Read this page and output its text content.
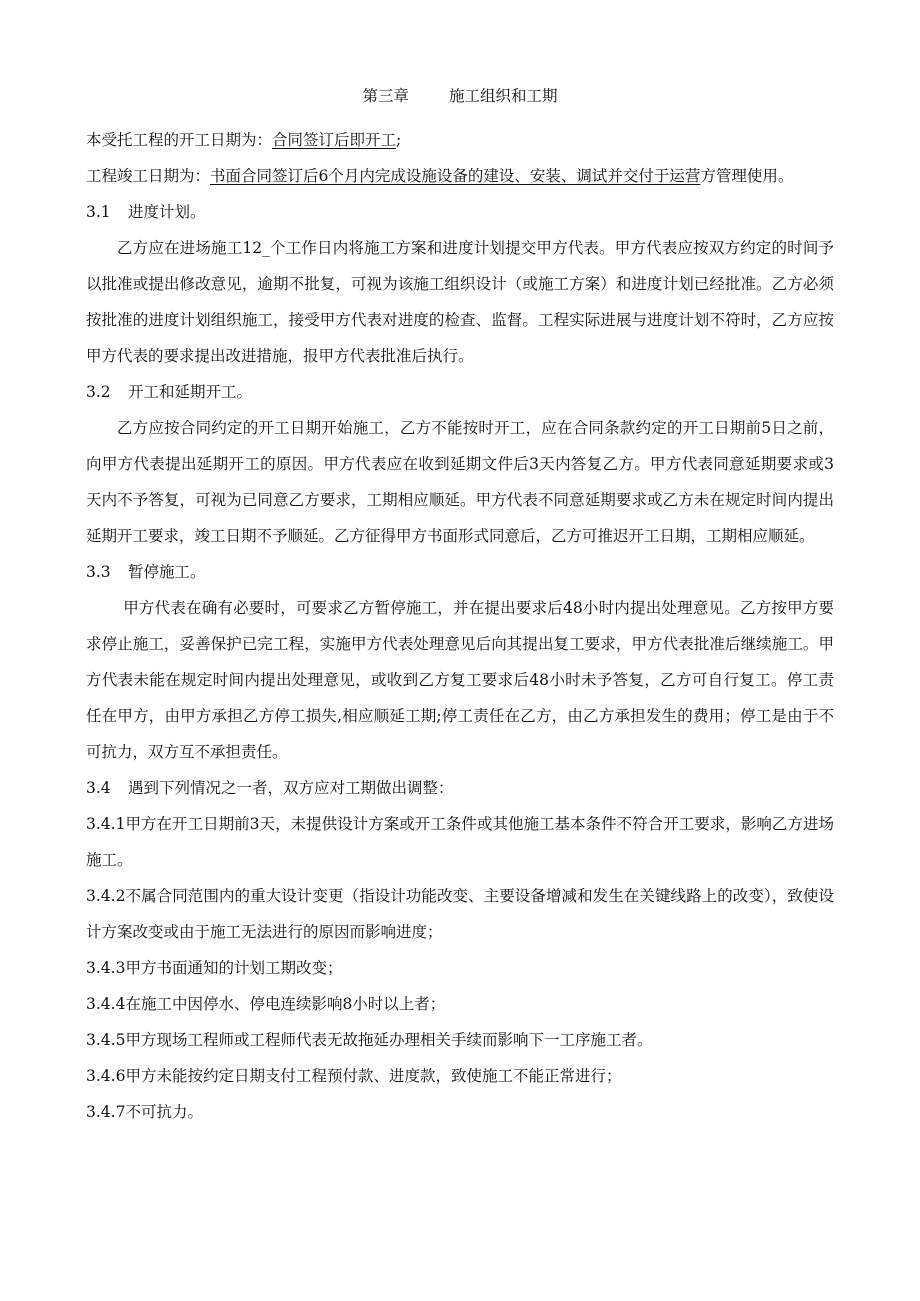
第三章	施工组织和工期

本受托工程的开工日期为：合同签订后即开工;

工程竣工日期为：书面合同签订后6个月内完成设施设备的建设、安装、调试并交付于运营方管理使用。

3.1 进度计划。

乙方应在进场施工12_个工作日内将施工方案和进度计划提交甲方代表。甲方代表应按双方约定的时间予以批准或提出修改意见，逾期不批复，可视为该施工组织设计（或施工方案）和进度计划已经批准。乙方必须按批准的进度计划组织施工，接受甲方代表对进度的检查、监督。工程实际进展与进度计划不符时，乙方应按甲方代表的要求提出改进措施，报甲方代表批准后执行。

3.2 开工和延期开工。

乙方应按合同约定的开工日期开始施工，乙方不能按时开工，应在合同条款约定的开工日期前5日之前，向甲方代表提出延期开工的原因。甲方代表应在收到延期文件后3天内答复乙方。甲方代表同意延期要求或3天内不予答复，可视为已同意乙方要求，工期相应顺延。甲方代表不同意延期要求或乙方未在规定时间内提出延期开工要求，竣工日期不予顺延。乙方征得甲方书面形式同意后，乙方可推迟开工日期，工期相应顺延。

3.3 暂停施工。

甲方代表在确有必要时，可要求乙方暂停施工，并在提出要求后48小时内提出处理意见。乙方按甲方要求停止施工，妥善保护已完工程，实施甲方代表处理意见后向其提出复工要求，甲方代表批准后继续施工。甲方代表未能在规定时间内提出处理意见，或收到乙方复工要求后48小时未予答复，乙方可自行复工。停工责任在甲方，由甲方承担乙方停工损失,相应顺延工期;停工责任在乙方，由乙方承担发生的费用；停工是由于不可抗力，双方互不承担责任。

3.4 遇到下列情况之一者，双方应对工期做出调整：

3.4.1甲方在开工日期前3天，未提供设计方案或开工条件或其他施工基本条件不符合开工要求，影响乙方进场施工。

3.4.2不属合同范围内的重大设计变更（指设计功能改变、主要设备增减和发生在关键线路上的改变），致使设计方案改变或由于施工无法进行的原因而影响进度；

3.4.3甲方书面通知的计划工期改变；

3.4.4在施工中因停水、停电连续影响8小时以上者；

3.4.5甲方现场工程师或工程师代表无故拖延办理相关手续而影响下一工序施工者。

3.4.6甲方未能按约定日期支付工程预付款、进度款，致使施工不能正常进行；

3.4.7不可抗力。
